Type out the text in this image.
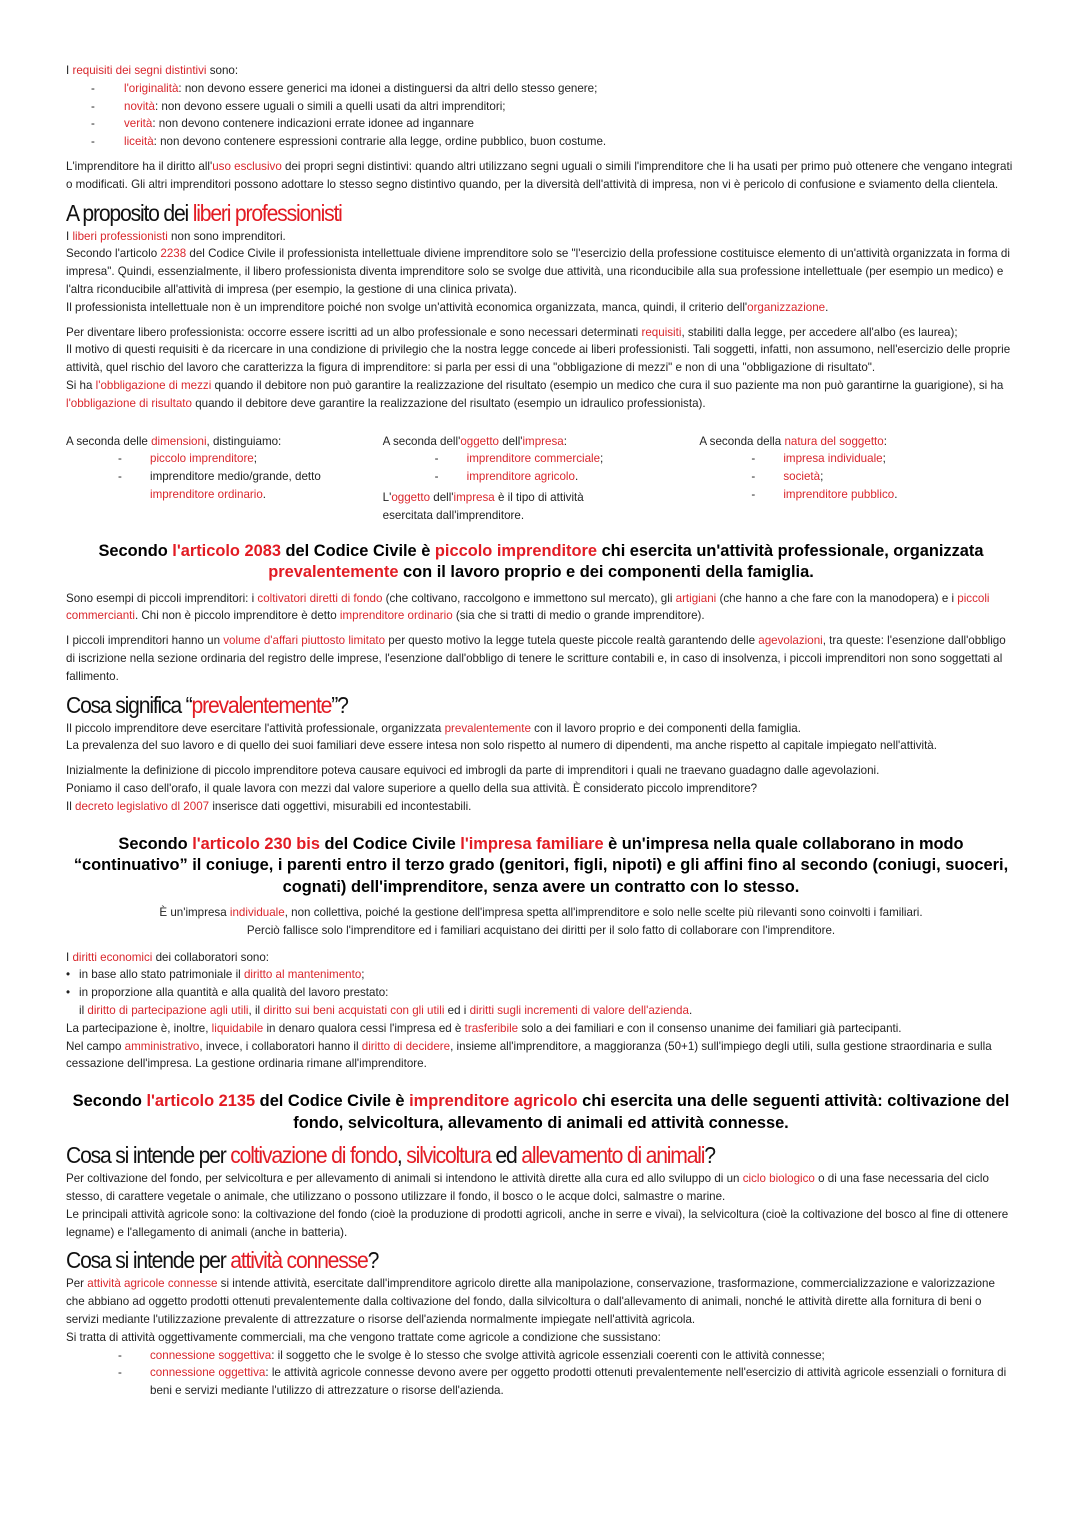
I requisiti dei segni distintivi sono:

- l'originalità: non devono essere generici ma idonei a distinguersi da altri dello stesso genere;
- novità: non devono essere uguali o simili a quelli usati da altri imprenditori;
- verità: non devono contenere indicazioni errate idonee ad ingannare
- liceità: non devono contenere espressioni contrarie alla legge, ordine pubblico, buon costume.

L'imprenditore ha il diritto all'uso esclusivo dei propri segni distintivi: quando altri utilizzano segni uguali o simili l'imprenditore che li ha usati per primo può ottenere che vengano integrati o modificati. Gli altri imprenditori possono adottare lo stesso segno distintivo quando, per la diversità dell'attività di impresa, non vi è pericolo di confusione e sviamento della clientela.

A proposito dei liberi professionisti

I liberi professionisti non sono imprenditori.

Secondo l'articolo 2238 del Codice Civile il professionista intellettuale diviene imprenditore solo se "l'esercizio della professione costituisce elemento di un'attività organizzata in forma di impresa". Quindi, essenzialmente, il libero professionista diventa imprenditore solo se svolge due attività, una riconducibile alla sua professione intellettuale (per esempio un medico) e l'altra riconducibile all'attività di impresa (per esempio, la gestione di una clinica privata).

Il professionista intellettuale non è un imprenditore poiché non svolge un'attività economica organizzata, manca, quindi, il criterio dell'organizzazione.

Per diventare libero professionista: occorre essere iscritti ad un albo professionale e sono necessari determinati requisiti, stabiliti dalla legge, per accedere all'albo (es laurea);

Il motivo di questi requisiti è da ricercare in una condizione di privilegio che la nostra legge concede ai liberi professionisti. Tali soggetti, infatti, non assumono, nell'esercizio delle proprie attività, quel rischio del lavoro che caratterizza la figura di imprenditore: si parla per essi di una "obbligazione di mezzi" e non di una "obbligazione di risultato".

Si ha l'obbligazione di mezzi quando il debitore non può garantire la realizzazione del risultato (esempio un medico che cura il suo paziente ma non può garantirne la guarigione), si ha l'obbligazione di risultato quando il debitore deve garantire la realizzazione del risultato (esempio un idraulico professionista).

A seconda delle dimensioni, distinguiamo:

- piccolo imprenditore;
- imprenditore medio/grande, detto imprenditore ordinario.

A seconda dell'oggetto dell'impresa:

- imprenditore commerciale;
- imprenditore agricolo.

L'oggetto dell'impresa è il tipo di attività esercitata dall'imprenditore.

A seconda della natura del soggetto:

- impresa individuale;
- società;
- imprenditore pubblico.
Secondo l'articolo 2083 del Codice Civile è piccolo imprenditore chi esercita un'attività professionale, organizzata prevalentemente con il lavoro proprio e dei componenti della famiglia.

Sono esempi di piccoli imprenditori: i coltivatori diretti di fondo (che coltivano, raccolgono e immettono sul mercato), gli artigiani (che hanno a che fare con la manodopera) e i piccoli commercianti. Chi non è piccolo imprenditore è detto imprenditore ordinario (sia che si tratti di medio o grande imprenditore).

I piccoli imprenditori hanno un volume d'affari piuttosto limitato per questo motivo la legge tutela queste piccole realtà garantendo delle agevolazioni, tra queste: l'esenzione dall'obbligo di iscrizione nella sezione ordinaria del registro delle imprese, l'esenzione dall'obbligo di tenere le scritture contabili e, in caso di insolvenza, i piccoli imprenditori non sono soggettati al fallimento.

Cosa significa “prevalentemente”?

Il piccolo imprenditore deve esercitare l'attività professionale, organizzata prevalentemente con il lavoro proprio e dei componenti della famiglia.

La prevalenza del suo lavoro e di quello dei suoi familiari deve essere intesa non solo rispetto al numero di dipendenti, ma anche rispetto al capitale impiegato nell'attività.

Inizialmente la definizione di piccolo imprenditore poteva causare equivoci ed imbrogli da parte di imprenditori i quali ne traevano guadagno dalle agevolazioni.

Poniamo il caso dell'orafo, il quale lavora con mezzi dal valore superiore a quello della sua attività. È considerato piccolo imprenditore?

Il decreto legislativo dl 2007 inserisce dati oggettivi, misurabili ed incontestabili.

Secondo l'articolo 230 bis del Codice Civile l'impresa familiare è un'impresa nella quale collaborano in modo “continuativo” il coniuge, i parenti entro il terzo grado (genitori, figli, nipoti) e gli affini fino al secondo (coniugi, suoceri, cognati) dell'imprenditore, senza avere un contratto con lo stesso.

È un'impresa individuale, non collettiva, poiché la gestione dell'impresa spetta all'imprenditore e solo nelle scelte più rilevanti sono coinvolti i familiari.

Perciò fallisce solo l'imprenditore ed i familiari acquistano dei diritti per il solo fatto di collaborare con l'imprenditore.

I diritti economici dei collaboratori sono:

• in base allo stato patrimoniale il diritto al mantenimento;
• in proporzione alla quantità e alla qualità del lavoro prestato:

il diritto di partecipazione agli utili, il diritto sui beni acquistati con gli utili ed i diritti sugli incrementi di valore dell'azienda.

La partecipazione è, inoltre, liquidabile in denaro qualora cessi l'impresa ed è trasferibile solo a dei familiari e con il consenso unanime dei familiari già partecipanti.

Nel campo amministrativo, invece, i collaboratori hanno il diritto di decidere, insieme all'imprenditore, a maggioranza (50+1) sull'impiego degli utili, sulla gestione straordinaria e sulla cessazione dell'impresa. La gestione ordinaria rimane all'imprenditore.

Secondo l'articolo 2135 del Codice Civile è imprenditore agricolo chi esercita una delle seguenti attività: coltivazione del fondo, selvicoltura, allevamento di animali ed attività connesse.
Cosa si intende per coltivazione di fondo, silvicoltura ed allevamento di animali?

Per coltivazione del fondo, per selvicoltura e per allevamento di animali si intendono le attività dirette alla cura ed allo sviluppo di un ciclo biologico o di una fase necessaria del ciclo stesso, di carattere vegetale o animale, che utilizzano o possono utilizzare il fondo, il bosco o le acque dolci, salmastre o marine.

Le principali attività agricole sono: la coltivazione del fondo (cioè la produzione di prodotti agricoli, anche in serre e vivai), la selvicoltura (cioè la coltivazione del bosco al fine di ottenere legname) e l'allegamento di animali (anche in batteria).

Cosa si intende per attività connesse?

Per attività agricole connesse si intende attività, esercitate dall'imprenditore agricolo dirette alla manipolazione, conservazione, trasformazione, commercializzazione e valorizzazione che abbiano ad oggetto prodotti ottenuti prevalentemente dalla coltivazione del fondo, dalla silvicoltura o dall'allevamento di animali, nonché le attività dirette alla fornitura di beni o servizi mediante l'utilizzazione prevalente di attrezzature o risorse dell'azienda normalmente impiegate nell'attività agricola.

Si tratta di attività oggettivamente commerciali, ma che vengono trattate come agricole a condizione che sussistano:

- connessione soggettiva: il soggetto che le svolge è lo stesso che svolge attività agricole essenziali coerenti con le attività connesse;
- connessione oggettiva: le attività agricole connesse devono avere per oggetto prodotti ottenuti prevalentemente nell'esercizio di attività agricole essenziali o fornitura di beni e servizi mediante l'utilizzo di attrezzature o risorse dell'azienda.
